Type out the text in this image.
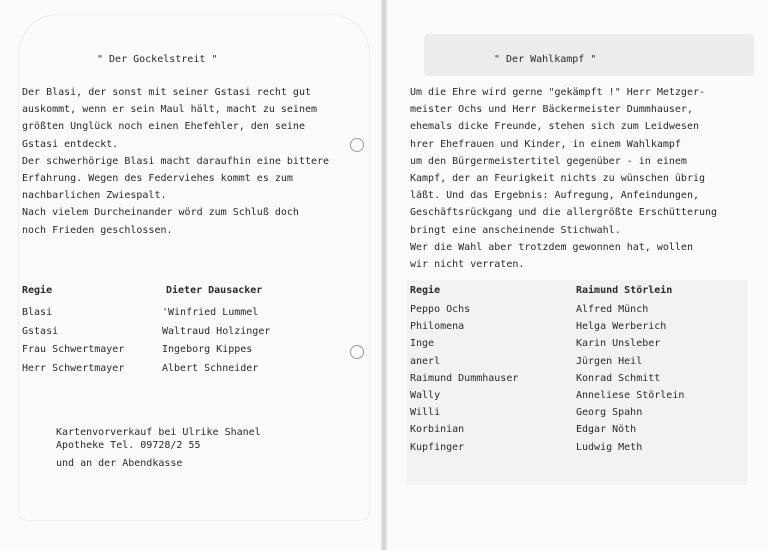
" Der Gockelstreit "
Der Blasi, der sonst mit seiner Gstasi recht gut
auskommt, wenn er sein Maul hält, macht zu seinem
größten Unglück noch einen Ehefehler, den seine
Gstasi entdeckt.
Der schwerhörige Blasi macht daraufhin eine bittere
Erfahrung. Wegen des Federviehes kommt es zum
nachbarlichen Zwiespalt.
Nach vielem Durcheinander wörd zum Schluß doch
noch Frieden geschlossen.
Regie	Dieter Dausacker
Blasi
Gstasi
Frau Schwertmayer
Herr Schwertmayer
'Winfried Lummel
Waltraud Holzinger
Ingeborg Kippes
Albert Schneider
Kartenvorverkauf bei Ulrike Shanel
Apotheke Tel. 09728/2 55
und an der Abendkasse
" Der Wahlkampf "
Um die Ehre wird gerne "gekämpft !" Herr Metzger-
meister Ochs und Herr Bäckermeister Dummhauser,
ehemals dicke Freunde, stehen sich zum Leidwesen
hrer Ehefrauen und Kinder, in einem Wahlkampf
um den Bürgermeistertitel gegenüber - in einem
Kampf, der an Feurigkeit nichts zu wünschen übrig
läßt. Und das Ergebnis: Aufregung, Anfeindungen,
Geschäftsrückgang und die allergrößte Erschütterung
bringt eine anscheinende Stichwahl.
Wer die Wahl aber trotzdem gewonnen hat, wollen
wir nicht verraten.
Regie	Raimund Störlein
Peppo Ochs
Philomena
Inge
anerl
Raimund Dummhauser
Wally
Willi
Korbinian
Kupfinger
Alfred Münch
Helga Werberich
Karin Unsleber
Jürgen Heil
Konrad Schmitt
Anneliese Störlein
Georg Spahn
Edgar Nöth
Ludwig Meth
